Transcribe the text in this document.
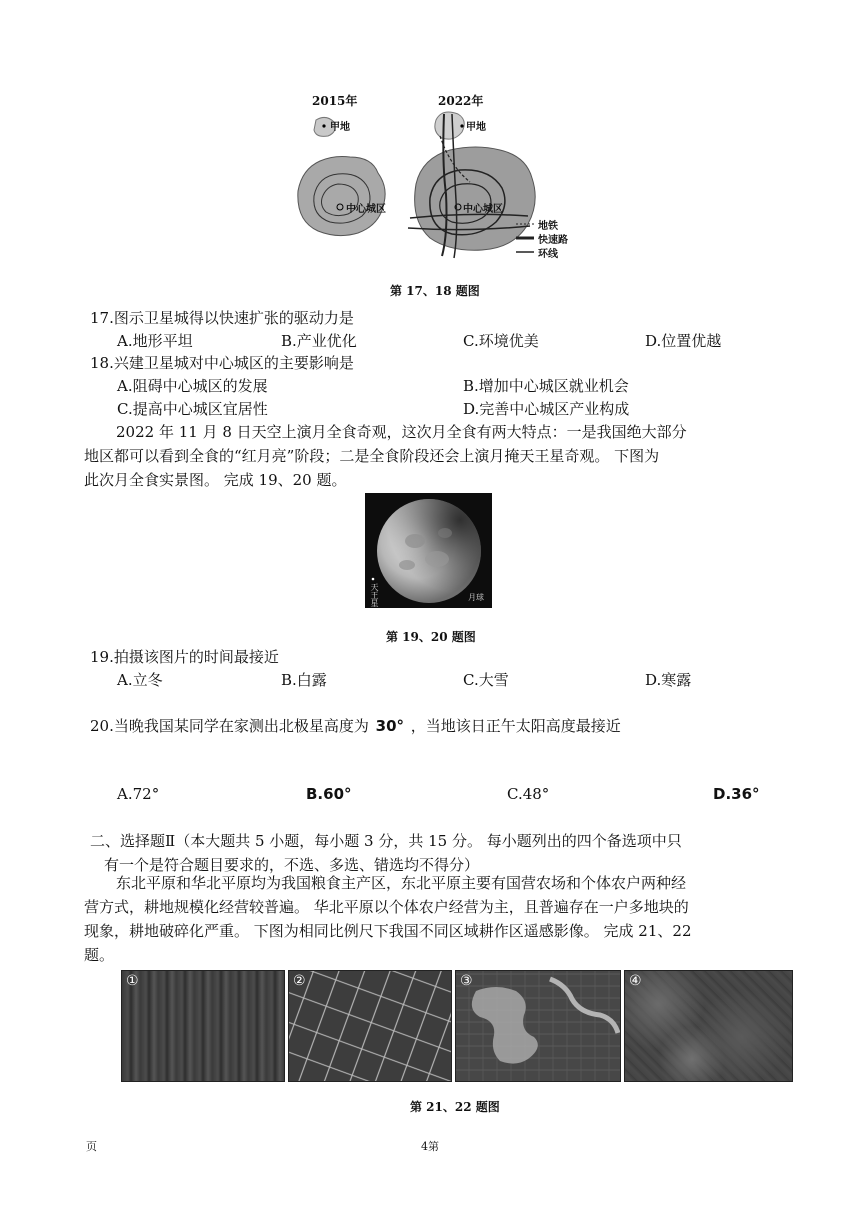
2015年	2022年
甲地	甲地
中心城区	中心城区
地铁
快速路
环线
第 17、18 题图
17.图示卫星城得以快速扩张的驱动力是
A.地形平坦	B.产业优化	C.环境优美	D.位置优越
18.兴建卫星城对中心城区的主要影响是
A.阻碍中心城区的发展	B.增加中心城区就业机会
C.提高中心城区宜居性	D.完善中心城区产业构成
2022 年 11 月 8 日天空上演月全食奇观，这次月全食有两大特点：一是我国绝大部分
地区都可以看到全食的“红月亮”阶段；二是全食阶段还会上演月掩天王星奇观。 下图为
此次月全食实景图。 完成 19、20 题。
天王星	月球
第 19、20 题图
19.拍摄该图片的时间最接近
A.立冬	B.白露	C.大雪	D.寒露
20.当晚我国某同学在家测出北极星高度为 30° ，当地该日正午太阳高度最接近
A.72°	B.60°	C.48°	D.36°
二、选择题Ⅱ（本大题共 5 小题，每小题 3 分，共 15 分。 每小题列出的四个备选项中只
有一个是符合题目要求的，不选、多选、错选均不得分）
东北平原和华北平原均为我国粮食主产区，东北平原主要有国营农场和个体农户两种经
营方式，耕地规模化经营较普遍。 华北平原以个体农户经营为主，且普遍存在一户多地块的
现象，耕地破碎化严重。 下图为相同比例尺下我国不同区域耕作区遥感影像。 完成 21、22
题。
①	②	③	④
第 21、22 题图
页	4第
